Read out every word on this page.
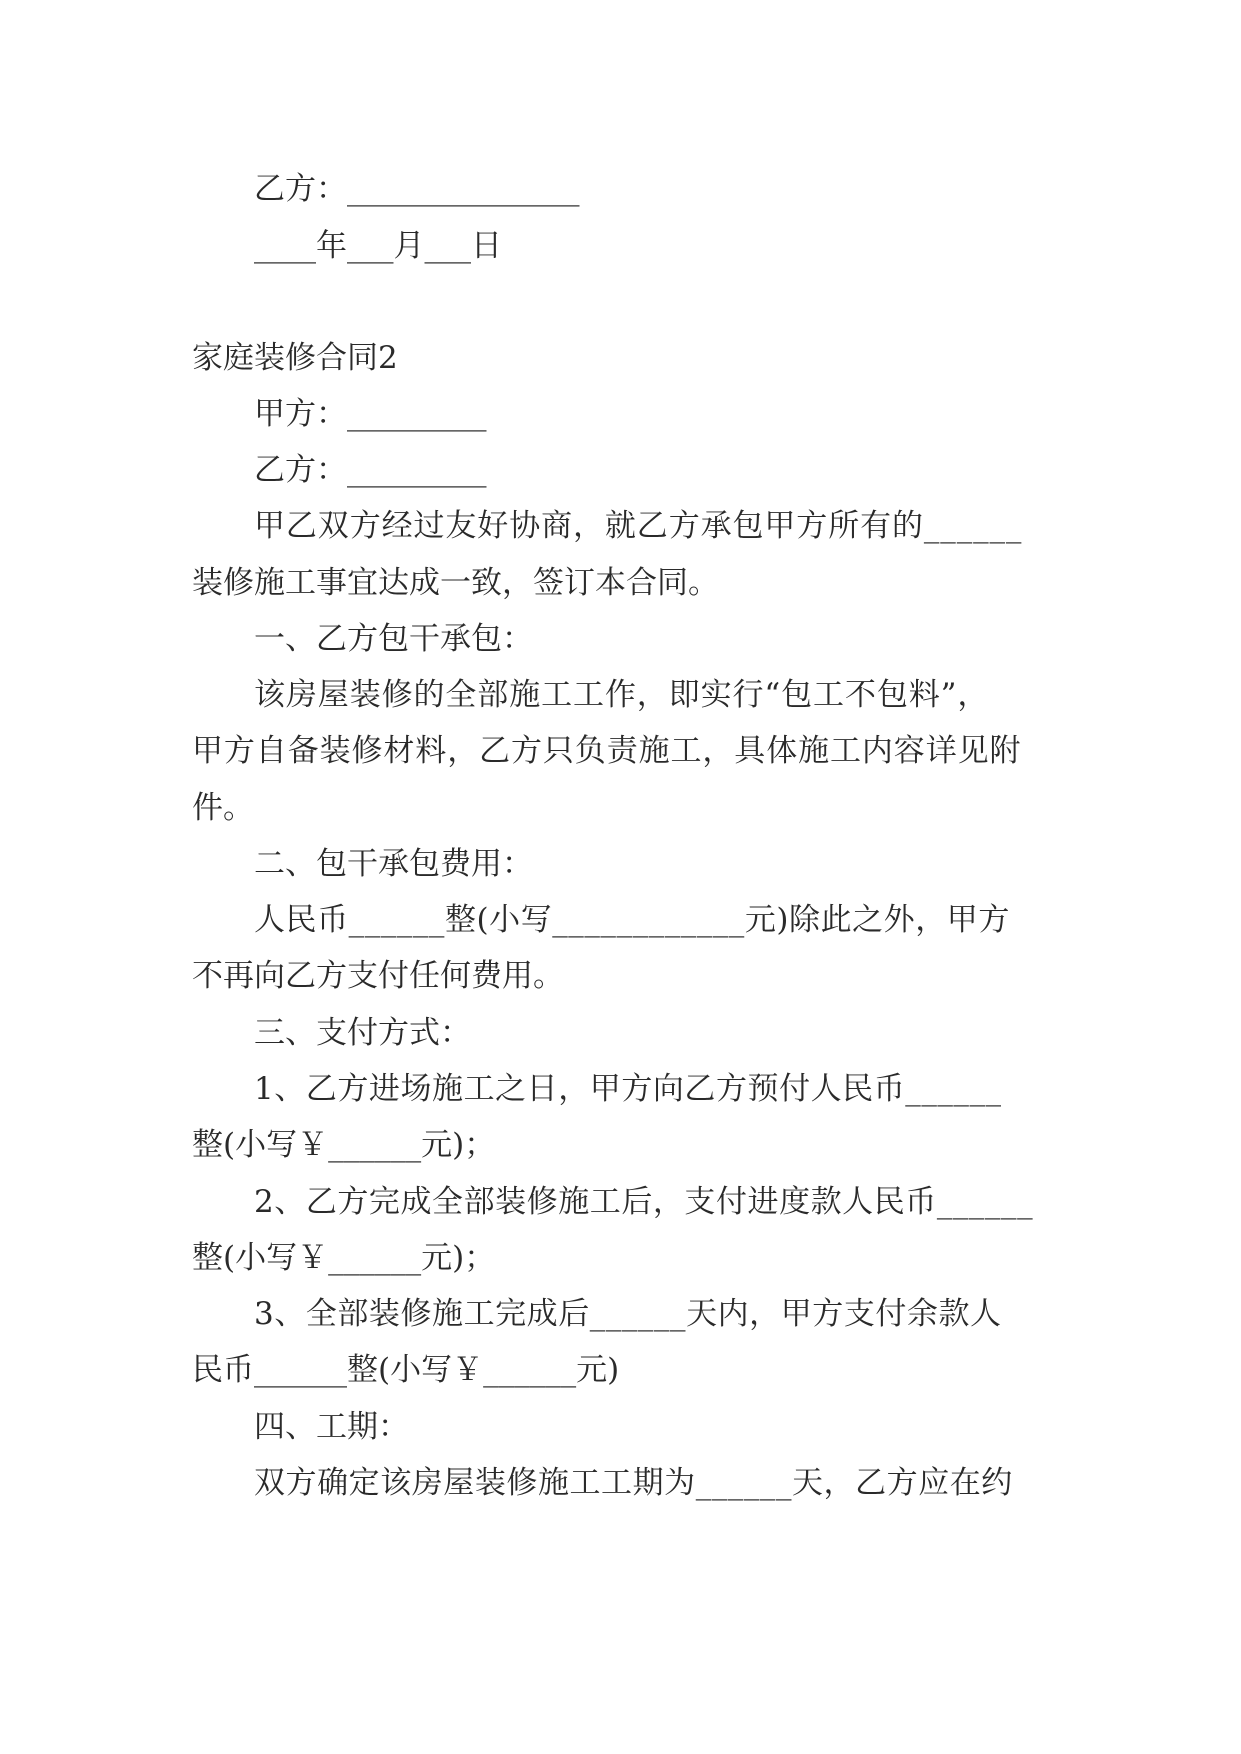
乙方：_______________
____年___月___日
家庭装修合同2
甲方：_________
乙方：_________
甲乙双方经过友好协商，就乙方承包甲方所有的______
装修施工事宜达成一致，签订本合同。
一、乙方包干承包：
该房屋装修的全部施工工作，即实行“包工不包料”，
甲方自备装修材料，乙方只负责施工，具体施工内容详见附
件。
二、包干承包费用：
人民币______整(小写____________元)除此之外，甲方
不再向乙方支付任何费用。
三、支付方式：
1、乙方进场施工之日，甲方向乙方预付人民币______
整(小写￥______元)；
2、乙方完成全部装修施工后，支付进度款人民币______
整(小写￥______元)；
3、全部装修施工完成后______天内，甲方支付余款人
民币______整(小写￥______元)
四、工期：
双方确定该房屋装修施工工期为______天，乙方应在约
